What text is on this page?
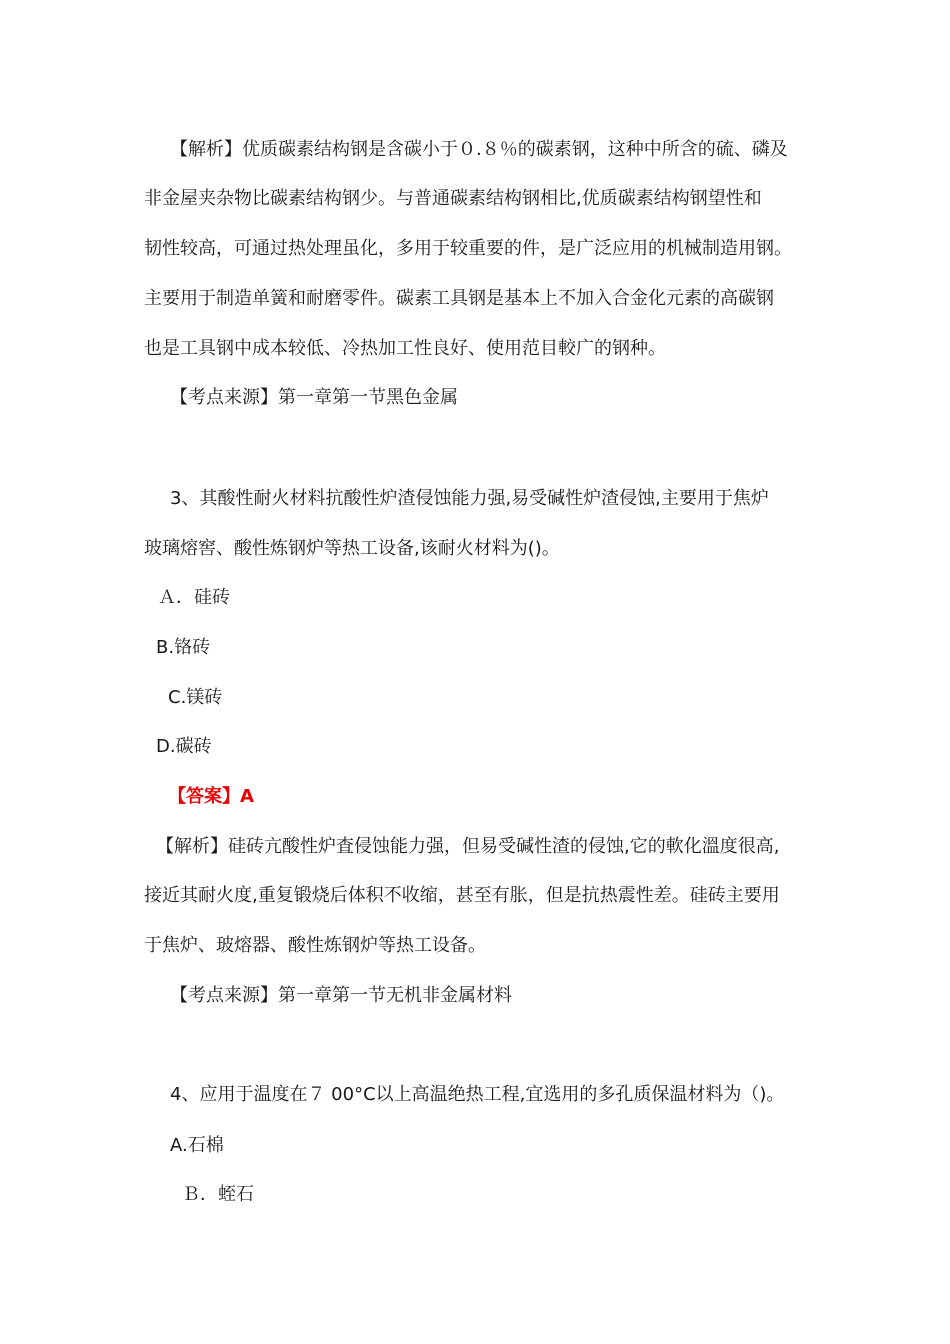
【解析】优质碳素结构钢是含碳小于０.８％的碳素钢，这种中所含的硫、磷及
非金屋夹杂物比碳素结构钢少。与普通碳素结构钢相比,优质碳素结构钢望性和
韧性较高，可通过热处理虽化，多用于较重要的件，是广泛应用的机械制造用钢。
主要用于制造单簧和耐磨零件。碳素工具钢是基本上不加入合金化元素的高碳钢
也是工具钢中成本较低、冷热加工性良好、使用范目較广的钢种。
【考点来源】第一章第一节黑色金属
3、其酸性耐火材料抗酸性炉渣侵蚀能力强,易受碱性炉渣侵蚀,主要用于焦炉
玻璃熔窖、酸性炼钢炉等热工设备,该耐火材料为()。
Ａ．硅砖
B.铬砖
C.镁砖
D.碳砖
【答案】A
【解析】硅砖亢酸性炉査侵蚀能力强，但易受碱性渣的侵蚀,它的軟化溫度很高,
接近其耐火度,重复锻烧后体积不收缩，甚至有胀，但是抗热震性差。硅砖主要用
于焦炉、玻熔器、酸性炼钢炉等热工设备。
【考点来源】第一章第一节无机非金属材料
4、应用于温度在７ 00°C以上高温绝热工程,宜选用的多孔质保温材料为（)。
A.石棉
Ｂ．蛭石
